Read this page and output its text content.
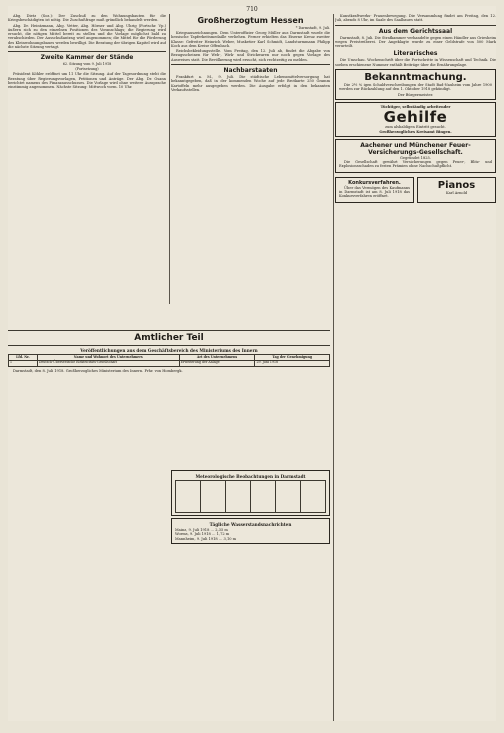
710
Abg. Dietz (Soz.): Der Zuschuß zu den Wohnungsbauten für die Kriegsbeschädigten ist nötig. Die Zuschußfrage muß gründlich behandelt werden.
Abg. Dr. Heintzmann, Abg. Vetter, Abg. Hörner und Abg. Uhrig (Fortschr. Vp.) äußern sich zu den einzelnen Positionen des Voranschlags; die Regierung wird ersucht, die nötigen Mittel bereit zu stellen und die Vorlage möglichst bald zu verabschieden. Der Ausschußantrag wird angenommen; die Mittel für die Förderung des Kleinwohnungsbaues werden bewilligt. Die Beratung der übrigen Kapitel wird auf die nächste Sitzung vertagt.
Zweite Kammer der Stände
62. Sitzung vom 9. Juli 1918
(Fortsetzung)
Präsident Köhler eröffnet um 11 Uhr die Sitzung. Auf der Tagesordnung steht die Beratung über Regierungsvorlagen, Petitionen und Anträge. Der Abg. Dr. Osann berichtet namens des Finanzausschusses. Die Vorlage wird ohne weitere Aussprache einstimmig angenommen. Nächste Sitzung: Mittwoch vorm. 10 Uhr.
Großherzogtum Hessen
* Darmstadt, 9. Juli.
Kriegsauszeichnungen. Dem Unteroffizier Georg Müller aus Darmstadt wurde die hessische Tapferkeitsmedaille verliehen. Ferner erhielten das Eiserne Kreuz zweiter Klasse: Gefreiter Heinrich Weber, Musketier Karl Schmidt, Landsturmmann Philipp Koch aus dem Kreise Offenbach.
Reichsbekleidungsstelle. Vom Freitag, den 12. Juli ab, findet die Abgabe von Bezugsscheinen für Web-, Wirk- und Strickwaren nur noch gegen Vorlage des Ausweises statt. Die Bevölkerung wird ersucht, sich rechtzeitig zu melden.
Nachbarstaaten
Frankfurt a. M., 9. Juli. Die städtische Lebensmittelversorgung hat bekanntgegeben, daß in der kommenden Woche auf jede Brotkarte 250 Gramm Kartoffeln mehr ausgegeben werden. Die Ausgabe erfolgt in den bekannten Verkaufsstellen.
Amtlicher Teil
Veröffentlichungen aus dem Geschäftsbereich des Ministeriums des Innern
Lfd. Nr.	Name und Wohnort des Unternehmers	Art des Unternehmens	Tag der Genehmigung
1	Deutsch-Überseeische Elektricitäts-Gesellschaft	Erweiterung der Anlage	29. Juni 1918
Darmstadt, den 8. Juli 1918. Großherzogliches Ministerium des Innern. Frhr. von Hombergk.
Meteorologische Beobachtungen in Darmstadt

Tägliche Wasserstandsnachrichten
Mainz, 9. Juli 1918 … 2,35 m
Worms, 9. Juli 1918 … 1,72 m
Mannheim, 9. Juli 1918 … 3,10 m
Kunstkraftwerks- Frauenbewegung. Die Versammlung findet am Freitag, den 12. Juli, abends 8 Uhr, im Saale des Saalbaues statt.
Aus dem Gerichtssaal
Darmstadt, 8. Juli. Die Strafkammer verhandelte gegen einen Händler aus Griesheim wegen Preistreiberei. Der Angeklagte wurde zu einer Geldstrafe von 500 Mark verurteilt.
Literarisches
Die Umschau. Wochenschrift über die Fortschritte in Wissenschaft und Technik. Die soeben erschienene Nummer enthält Beiträge über die Ernährungslage.
Bekanntmachung.
Die 2½ % igen Schuldverschreibungen der Stadt Bad-Nauheim vom Jahre 1900 werden zur Rückzahlung auf den 1. Oktober 1918 gekündigt.
Der Bürgermeister.
Tüchtiger, selbständig arbeitender
Gehilfe
zum alsbaldigen Eintritt gesucht.
Großherzogliches Kreisamt Bingen.
Aachener und Münchener Feuer-Versicherungs-Gesellschaft.
Gegründet 1825.
Die Gesellschaft gewährt Versicherungen gegen Feuer-, Blitz- und Explosionsschaden zu festen Prämien ohne Nachschußpflicht.
Konkursverfahren.
Über das Vermögen des Kaufmanns in Darmstadt ist am 8. Juli 1918 das Konkursverfahren eröffnet.
Pianos
Karl Arnold
